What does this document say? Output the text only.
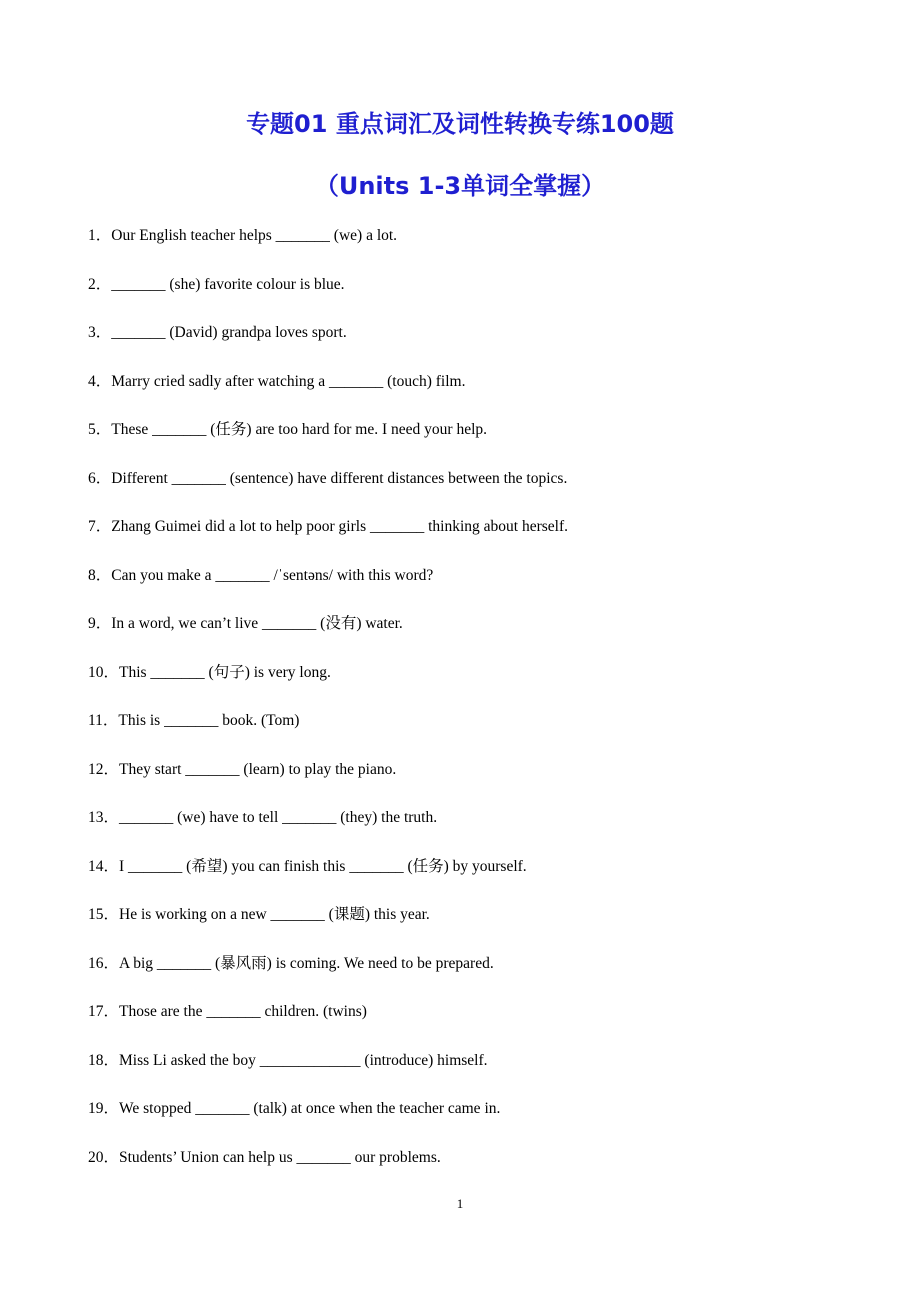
专题01 重点词汇及词性转换专练100题
（Units 1-3单词全掌握）
1．Our English teacher helps _______ (we) a lot.
2．_______ (she) favorite colour is blue.
3．_______ (David) grandpa loves sport.
4．Marry cried sadly after watching a _______ (touch) film.
5．These _______ (任务) are too hard for me. I need your help.
6．Different _______ (sentence) have different distances between the topics.
7．Zhang Guimei did a lot to help poor girls _______ thinking about herself.
8．Can you make a _______ /ˈsentəns/ with this word?
9．In a word, we can’t live _______ (没有) water.
10．This _______ (句子) is very long.
11．This is _______ book. (Tom)
12．They start _______ (learn) to play the piano.
13．_______ (we) have to tell _______ (they) the truth.
14．I _______ (希望) you can finish this _______ (任务) by yourself.
15．He is working on a new _______ (课题) this year.
16．A big _______ (暴风雨) is coming. We need to be prepared.
17．Those are the _______ children. (twins)
18．Miss Li asked the boy _____________ (introduce) himself.
19．We stopped _______ (talk) at once when the teacher came in.
20．Students’ Union can help us _______ our problems.
1
